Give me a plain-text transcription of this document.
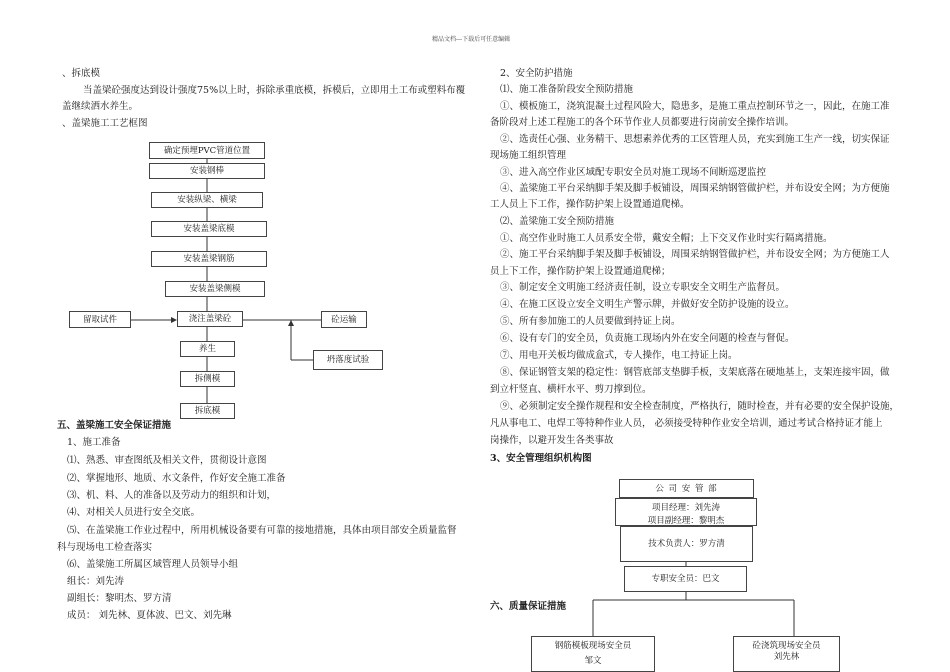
精品文档---下载后可任意编辑
、拆底模
当盖梁砼强度达到设计强度75%以上时，拆除承重底模，拆模后，立即用土工布或塑料布覆
盖继续洒水养生。
、盖梁施工工艺框图
确定预埋PVC管道位置
安装钢棒
安装纵梁、横梁
安装盖梁底模
安装盖梁钢筋
安装盖梁侧模
浇注盖梁砼
养生
拆侧模
拆底模
留取试件	砼运输
坍落度试验
五、盖梁施工安全保证措施
1、施工准备
⑴、熟悉、审查图纸及相关文件，贯彻设计意图
⑵、掌握地形、地质、水文条件，作好安全施工准备
⑶、机、料、人的准备以及劳动力的组织和计划，
⑷、对相关人员进行安全交底。
⑸、在盖梁施工作业过程中，所用机械设备要有可靠的接地措施，具体由项目部安全质量监督
科与现场电工检查落实
⑹、盖梁施工所属区域管理人员领导小组
组长：刘先涛
副组长：黎明杰、罗方清
成员： 刘先林、夏体波、巴文、刘先琳
2、安全防护措施
⑴、施工准备阶段安全预防措施
①、模板施工，浇筑混凝土过程风险大，隐患多，是施工重点控制环节之一，因此，在施工准
备阶段对上述工程施工的各个环节作业人员都要进行岗前安全操作培训。
②、选责任心强、业务精干、思想素养优秀的工区管理人员，充实到施工生产一线，切实保证
现场施工组织管理
③、进入高空作业区域配专职安全员对施工现场不间断巡逻监控
④、盖梁施工平台采纳脚手架及脚手板铺设，周围采纳钢管做护栏，并布设安全网；为方便施
工人员上下工作，操作防护架上设置通道爬梯。
⑵、盖梁施工安全预防措施
①、高空作业时施工人员系安全带，戴安全帽；上下交叉作业时实行隔离措施。
②、施工平台采纳脚手架及脚手板铺设，周围采纳钢管做护栏，并布设安全网；为方便施工人
员上下工作，操作防护架上设置通道爬梯；
③、制定安全文明施工经济责任制，设立专职安全文明生产监督员。
④、在施工区设立安全文明生产警示牌，并做好安全防护设施的设立。
⑤、所有参加施工的人员要做到持证上岗。
⑥、设有专门的安全员，负责施工现场内外在安全问题的检查与督促。
⑦、用电开关板均做成盒式，专人操作，电工持证上岗。
⑧、保证钢管支架的稳定性：钢管底部支垫脚手板，支架底落在硬地基上，支架连接牢固，做
到立杆竖直、横杆水平、剪刀撑到位。
⑨、必须制定安全操作规程和安全检查制度，严格执行，随时检查，并有必要的安全保护设施，
凡从事电工、电焊工等特种作业人员， 必须接受特种作业安全培训，通过考试合格持证才能上
岗操作，以避开发生各类事故
3、安全管理组织机构图
公 司 安 管 部
项目经理：刘先涛
项目副经理：黎明杰
技术负责人：罗方清
专职安全员：巴文
钢筋模板现场安全员
邹文
砼浇筑现场安全员
刘先林
六、质量保证措施
